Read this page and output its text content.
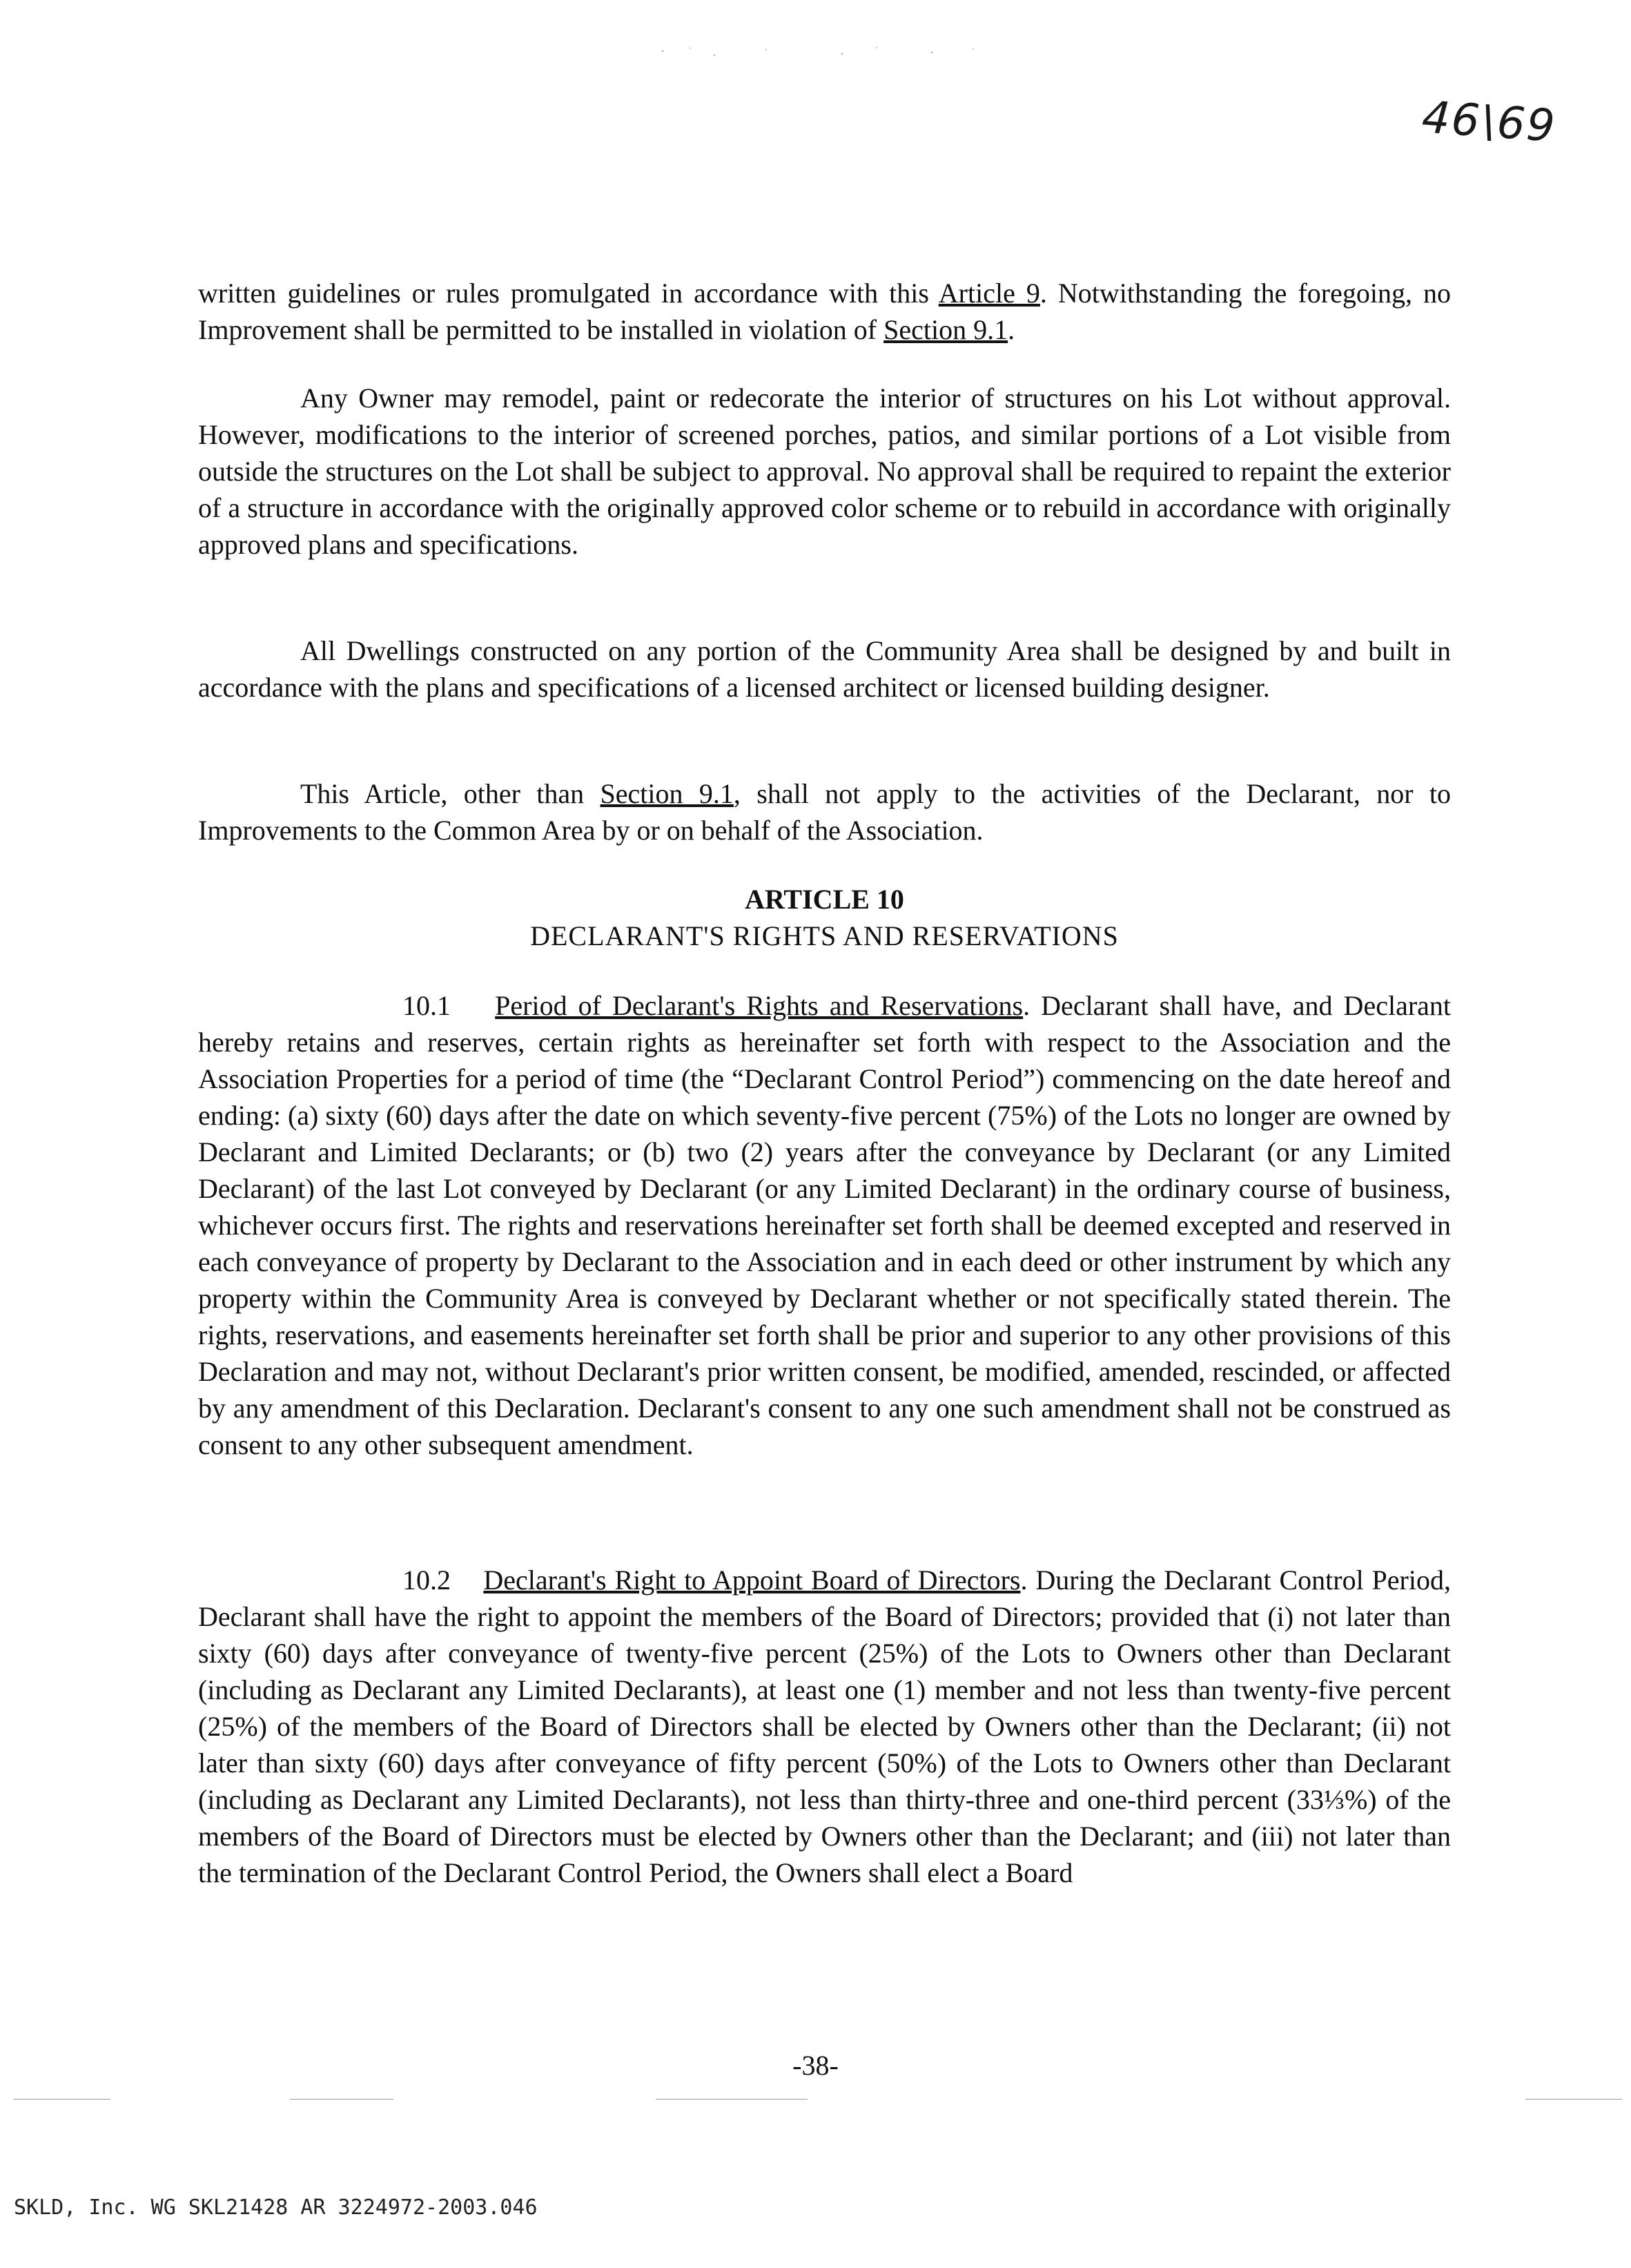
46\69

written guidelines or rules promulgated in accordance with this Article 9. Notwithstanding the foregoing, no Improvement shall be permitted to be installed in violation of Section 9.1.

Any Owner may remodel, paint or redecorate the interior of structures on his Lot without approval. However, modifications to the interior of screened porches, patios, and similar portions of a Lot visible from outside the structures on the Lot shall be subject to approval. No approval shall be required to repaint the exterior of a structure in accordance with the originally approved color scheme or to rebuild in accordance with originally approved plans and specifications.

All Dwellings constructed on any portion of the Community Area shall be designed by and built in accordance with the plans and specifications of a licensed architect or licensed building designer.

This Article, other than Section 9.1, shall not apply to the activities of the Declarant, nor to Improvements to the Common Area by or on behalf of the Association.

ARTICLE 10
DECLARANT'S RIGHTS AND RESERVATIONS

10.1 Period of Declarant's Rights and Reservations. Declarant shall have, and Declarant hereby retains and reserves, certain rights as hereinafter set forth with respect to the Association and the Association Properties for a period of time (the “Declarant Control Period”) commencing on the date hereof and ending: (a) sixty (60) days after the date on which seventy-five percent (75%) of the Lots no longer are owned by Declarant and Limited Declarants; or (b) two (2) years after the conveyance by Declarant (or any Limited Declarant) of the last Lot conveyed by Declarant (or any Limited Declarant) in the ordinary course of business, whichever occurs first. The rights and reservations hereinafter set forth shall be deemed excepted and reserved in each conveyance of property by Declarant to the Association and in each deed or other instrument by which any property within the Community Area is conveyed by Declarant whether or not specifically stated therein. The rights, reservations, and easements hereinafter set forth shall be prior and superior to any other provisions of this Declaration and may not, without Declarant's prior written consent, be modified, amended, rescinded, or affected by any amendment of this Declaration. Declarant's consent to any one such amendment shall not be construed as consent to any other subsequent amendment.

10.2 Declarant's Right to Appoint Board of Directors. During the Declarant Control Period, Declarant shall have the right to appoint the members of the Board of Directors; provided that (i) not later than sixty (60) days after conveyance of twenty-five percent (25%) of the Lots to Owners other than Declarant (including as Declarant any Limited Declarants), at least one (1) member and not less than twenty-five percent (25%) of the members of the Board of Directors shall be elected by Owners other than the Declarant; (ii) not later than sixty (60) days after conveyance of fifty percent (50%) of the Lots to Owners other than Declarant (including as Declarant any Limited Declarants), not less than thirty-three and one-third percent (33⅓%) of the members of the Board of Directors must be elected by Owners other than the Declarant; and (iii) not later than the termination of the Declarant Control Period, the Owners shall elect a Board

-38-
SKLD, Inc. WG SKL21428 AR 3224972-2003.046
